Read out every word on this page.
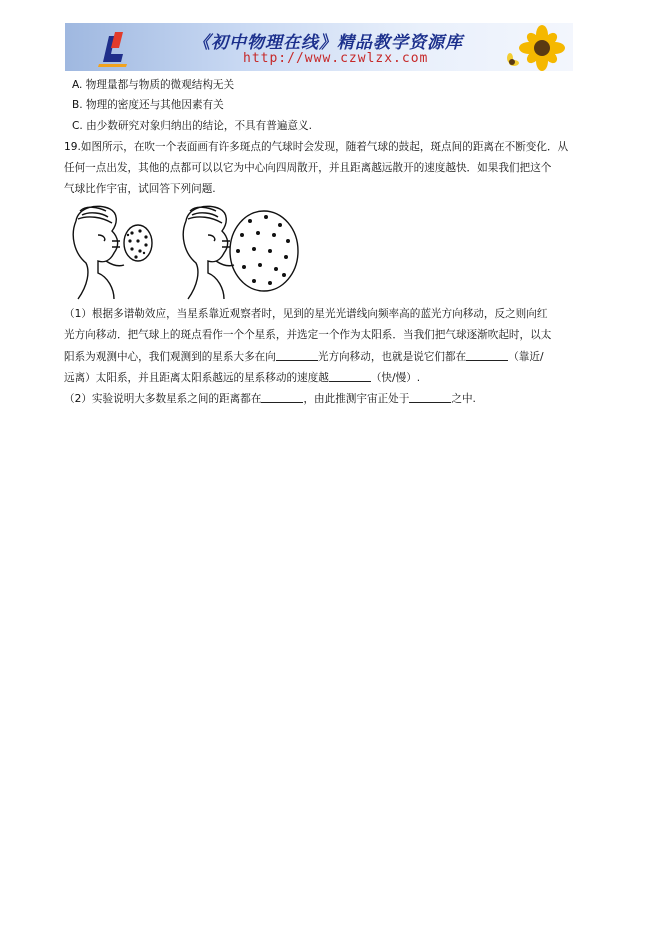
《初中物理在线》精品教学资源库
http://www.czwlzx.com
A. 物理量都与物质的微观结构无关
B. 物理的密度还与其他因素有关
C. 由少数研究对象归纳出的结论，不具有普遍意义.
19.如图所示，在吹一个表面画有许多斑点的气球时会发现，随着气球的鼓起，斑点间的距离在不断变化．从
任何一点出发，其他的点都可以以它为中心向四周散开，并且距离越远散开的速度越快．如果我们把这个
气球比作宇宙，试回答下列问题.
（1）根据多谱勒效应，当星系靠近观察者时，见到的星光光谱线向频率高的蓝光方向移动，反之则向红
光方向移动．把气球上的斑点看作一个个星系，并选定一个作为太阳系．当我们把气球逐渐吹起时，以太
阳系为观测中心，我们观测到的星系大多在向	光方向移动，也就是说它们都在	（靠近/
远离）太阳系，并且距离太阳系越远的星系移动的速度越	（快/慢）.
（2）实验说明大多数星系之间的距离都在	，由此推测宇宙正处于	之中.
